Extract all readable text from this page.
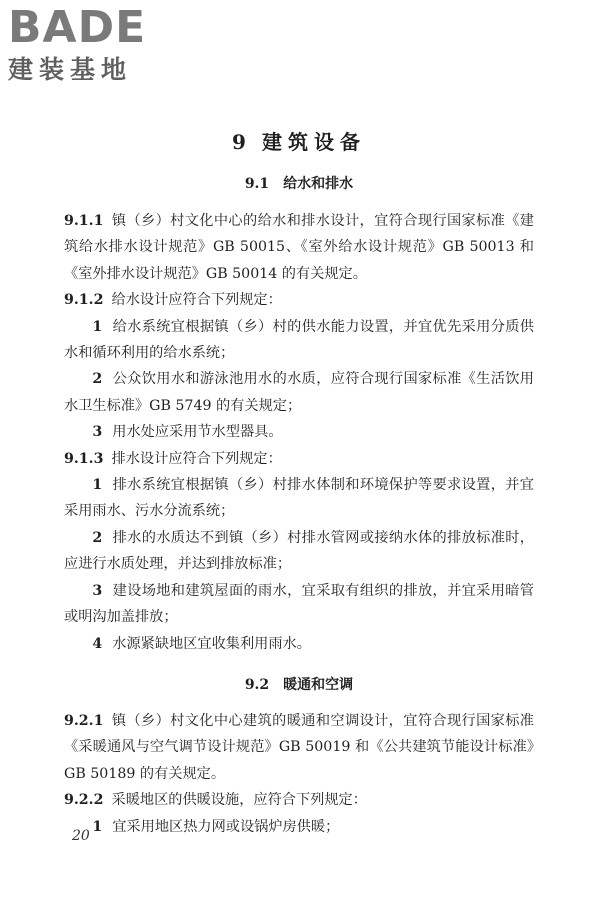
BADE
建装基地
9 建筑设备
9.1 给水和排水

9.1.1 镇（乡）村文化中心的给水和排水设计，宜符合现行国家标准《建筑给水排水设计规范》GB 50015、《室外给水设计规范》GB 50013 和《室外排水设计规范》GB 50014 的有关规定。

9.1.2 给水设计应符合下列规定：

1 给水系统宜根据镇（乡）村的供水能力设置，并宜优先采用分质供水和循环利用的给水系统；

2 公众饮用水和游泳池用水的水质，应符合现行国家标准《生活饮用水卫生标准》GB 5749 的有关规定；

3 用水处应采用节水型器具。

9.1.3 排水设计应符合下列规定：

1 排水系统宜根据镇（乡）村排水体制和环境保护等要求设置，并宜采用雨水、污水分流系统；

2 排水的水质达不到镇（乡）村排水管网或接纳水体的排放标准时，应进行水质处理，并达到排放标准；

3 建设场地和建筑屋面的雨水，宜采取有组织的排放，并宜采用暗管或明沟加盖排放；

4 水源紧缺地区宜收集利用雨水。

9.2 暖通和空调

9.2.1 镇（乡）村文化中心建筑的暖通和空调设计，宜符合现行国家标准《采暖通风与空气调节设计规范》GB 50019 和《公共建筑节能设计标准》GB 50189 的有关规定。

9.2.2 采暖地区的供暖设施，应符合下列规定：

1 宜采用地区热力网或设锅炉房供暖；

20
